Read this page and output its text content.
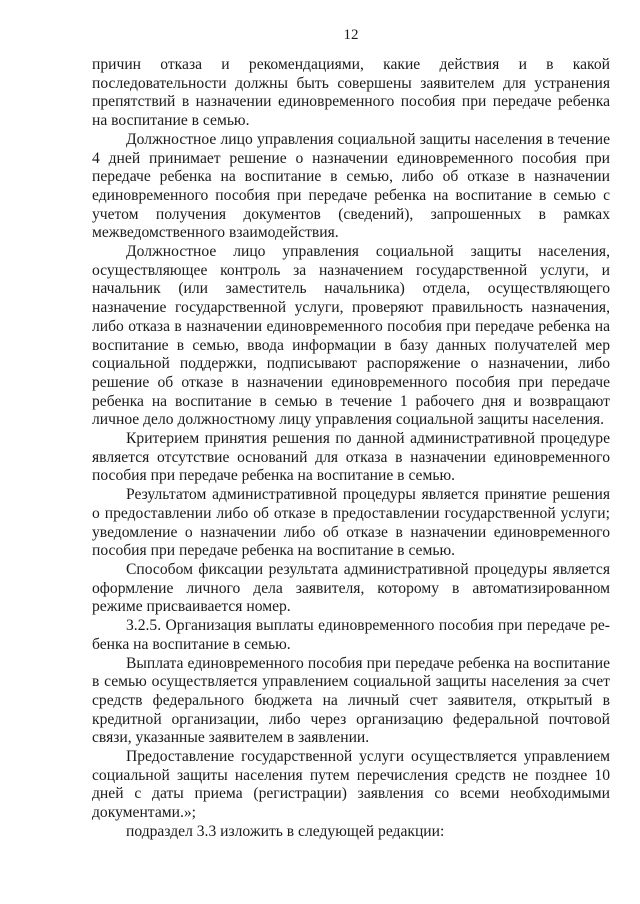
12

причин отказа и рекомендациями, какие действия и в какой последовательности должны быть совершены заявителем для устранения препятствий в назначении единовременного пособия при передаче ребенка на воспитание в семью.

Должностное лицо управления социальной защиты населения в течение 4 дней принимает решение о назначении единовременного пособия при передаче ребенка на воспитание в семью, либо об отказе в назначении единовременного пособия при передаче ребенка на воспитание в семью с учетом получения документов (сведений), запрошенных в рамках межведомственного взаимодействия.

Должностное лицо управления социальной защиты населения, осуществляющее контроль за назначением государственной услуги, и начальник (или заместитель начальника) отдела, осуществляющего назначение государственной услуги, проверяют правильность назначения, либо отказа в назначении единовременного пособия при передаче ребенка на воспитание в семью, ввода информации в базу данных получателей мер социальной поддержки, подписывают распоряжение о назначении, либо решение об отказе в назначении единовременного пособия при передаче ребенка на воспитание в семью в течение 1 рабочего дня и возвращают личное дело должностному лицу управления социальной защиты населения.

Критерием принятия решения по данной административной процедуре является отсутствие оснований для отказа в назначении единовременного пособия при передаче ребенка на воспитание в семью.

Результатом административной процедуры является принятие решения о предоставлении либо об отказе в предоставлении государственной услуги; уведомление о назначении либо об отказе в назначении единовременного пособия при передаче ребенка на воспитание в семью.

Способом фиксации результата административной процедуры является оформление личного дела заявителя, которому в автоматизированном режиме присваивается номер.

3.2.5. Организация выплаты единовременного пособия при передаче ребенка на воспитание в семью.

Выплата единовременного пособия при передаче ребенка на воспитание в семью осуществляется управлением социальной защиты населения за счет средств федерального бюджета на личный счет заявителя, открытый в кредитной организации, либо через организацию федеральной почтовой связи, указанные заявителем в заявлении.

Предоставление государственной услуги осуществляется управлением социальной защиты населения путем перечисления средств не позднее 10 дней с даты приема (регистрации) заявления со всеми необходимыми документами.»;

подраздел 3.3 изложить в следующей редакции:
